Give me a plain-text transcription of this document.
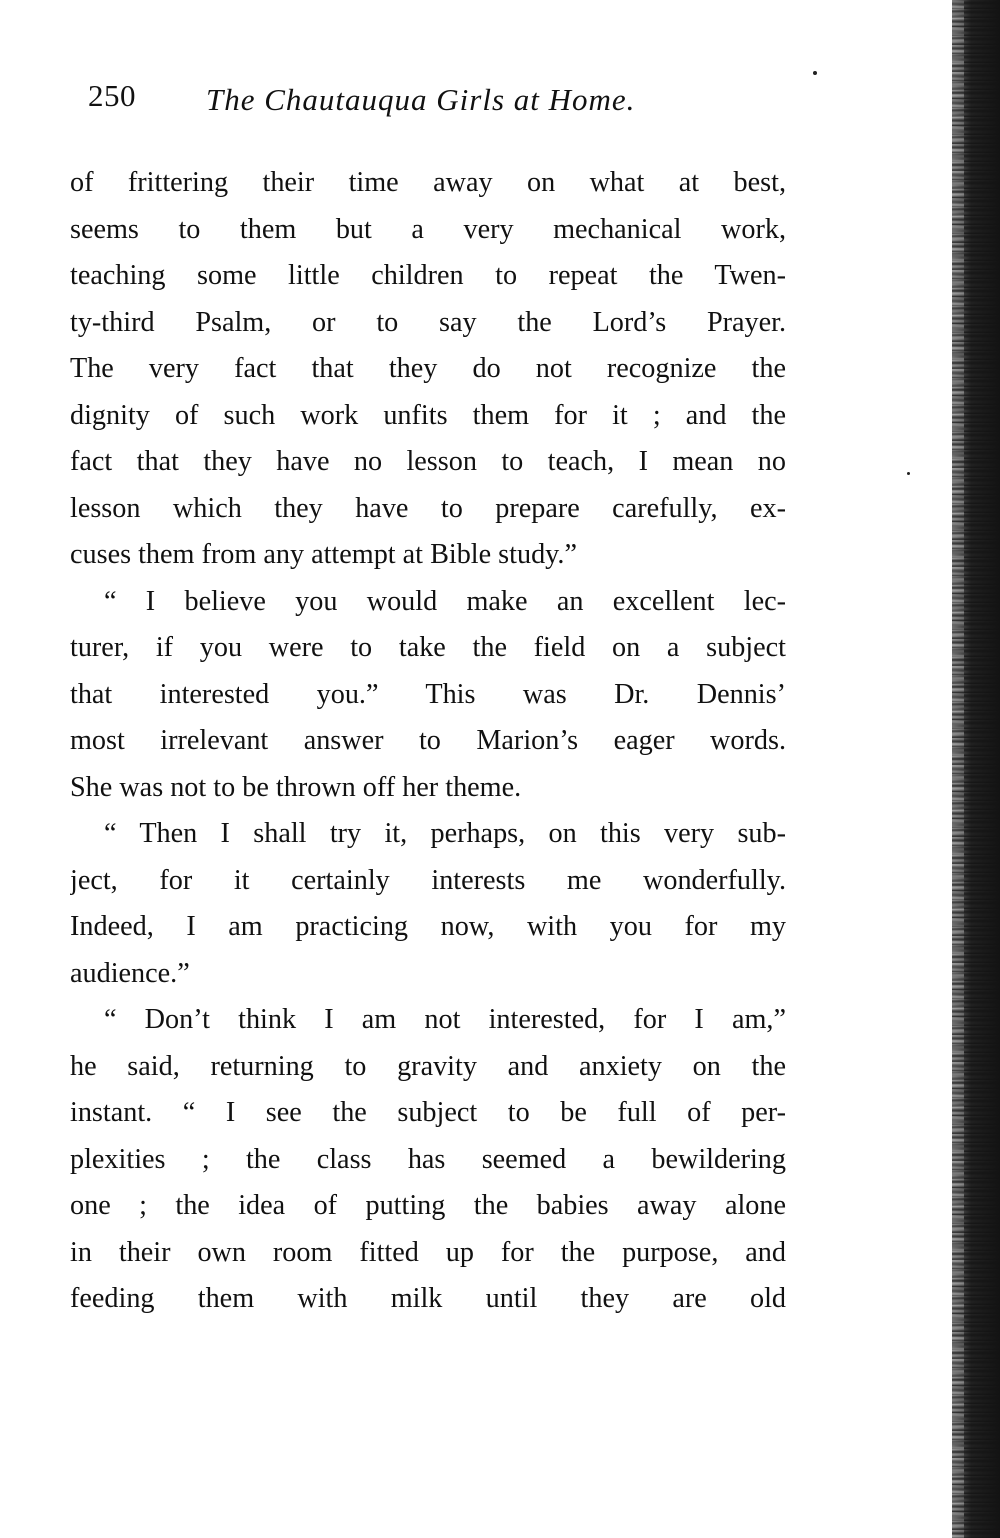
250 The Chautauqua Girls at Home.
of frittering their time away on what at best,
seems to them but a very mechanical work,
teaching some little children to repeat the Twen-
ty-third Psalm, or to say the Lord’s Prayer.
The very fact that they do not recognize the
dignity of such work unfits them for it ; and the
fact that they have no lesson to teach, I mean no
lesson which they have to prepare carefully, ex-
cuses them from any attempt at Bible study.”
“ I believe you would make an excellent lec-
turer, if you were to take the field on a subject
that interested you.” This was Dr. Dennis’
most irrelevant answer to Marion’s eager words.
She was not to be thrown off her theme.
“ Then I shall try it, perhaps, on this very sub-
ject, for it certainly interests me wonderfully.
Indeed, I am practicing now, with you for my
audience.”
“ Don’t think I am not interested, for I am,”
he said, returning to gravity and anxiety on the
instant. “ I see the subject to be full of per-
plexities ; the class has seemed a bewildering
one ; the idea of putting the babies away alone
in their own room fitted up for the purpose, and
feeding them with milk until they are old
